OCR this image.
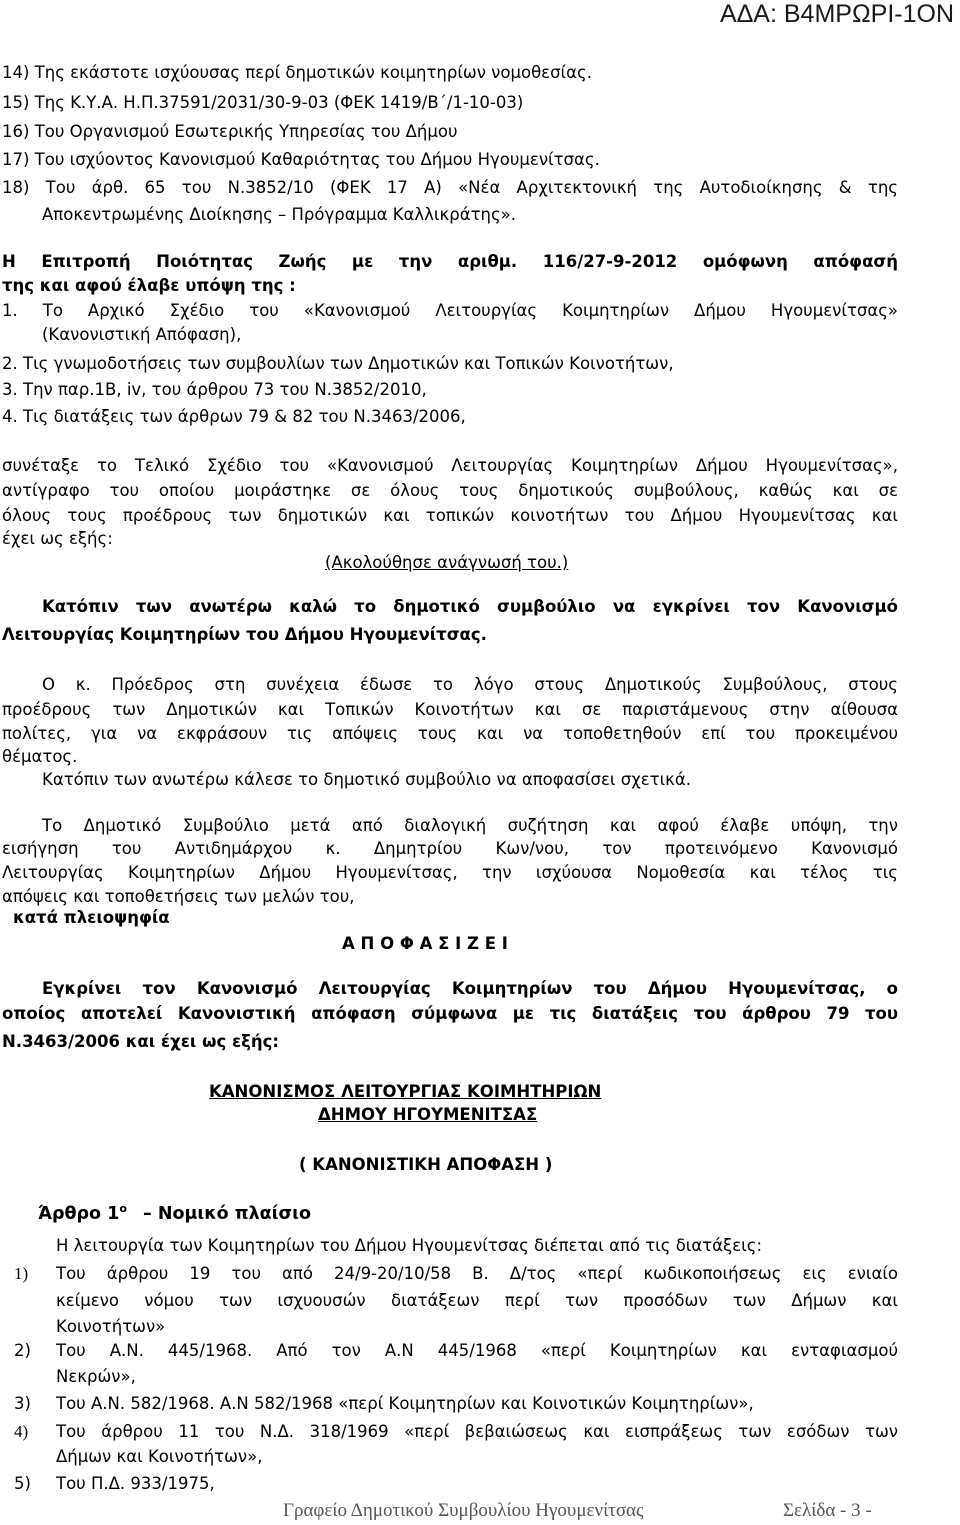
ΑΔΑ: Β4ΜΡΩΡΙ-1ΟΝ
14) Της εκάστοτε ισχύουσας περί δημοτικών κοιμητηρίων νομοθεσίας.
15) Της Κ.Υ.Α. Η.Π.37591/2031/30-9-03 (ΦΕΚ 1419/Β΄/1-10-03)
16) Του Οργανισμού Εσωτερικής Υπηρεσίας του Δήμου
17) Του ισχύοντος Κανονισμού Καθαριότητας του Δήμου Ηγουμενίτσας.
18) Του άρθ. 65 του Ν.3852/10 (ΦΕΚ 17 Α) «Νέα Αρχιτεκτονική της Αυτοδιοίκησης & της
Αποκεντρωμένης Διοίκησης – Πρόγραμμα Καλλικράτης».
Η Επιτροπή Ποιότητας Ζωής με την αριθμ. 116/27-9-2012 ομόφωνη απόφασή
της και αφού έλαβε υπόψη της :
1. Το Αρχικό Σχέδιο του «Κανονισμού Λειτουργίας Κοιμητηρίων Δήμου Ηγουμενίτσας»
(Κανονιστική Απόφαση),
2. Τις γνωμοδοτήσεις των συμβουλίων των Δημοτικών και Τοπικών Κοινοτήτων,
3. Την παρ.1Β, iv, του άρθρου 73 του Ν.3852/2010,
4. Τις διατάξεις των άρθρων 79 & 82 του Ν.3463/2006,
συνέταξε το Τελικό Σχέδιο του «Κανονισμού Λειτουργίας Κοιμητηρίων Δήμου Ηγουμενίτσας»,
αντίγραφο του οποίου μοιράστηκε σε όλους τους δημοτικούς συμβούλους, καθώς και σε
όλους τους προέδρους των δημοτικών και τοπικών κοινοτήτων του Δήμου Ηγουμενίτσας και
έχει ως εξής:
(Ακολούθησε ανάγνωσή του.)
Κατόπιν των ανωτέρω καλώ το δημοτικό συμβούλιο να εγκρίνει τον Κανονισμό
Λειτουργίας Κοιμητηρίων του Δήμου Ηγουμενίτσας.
Ο κ. Πρόεδρος στη συνέχεια έδωσε το λόγο στους Δημοτικούς Συμβούλους, στους
προέδρους των Δημοτικών και Τοπικών Κοινοτήτων και σε παριστάμενους στην αίθουσα
πολίτες, για να εκφράσουν τις απόψεις τους και να τοποθετηθούν επί του προκειμένου
θέματος.
Κατόπιν των ανωτέρω κάλεσε το δημοτικό συμβούλιο να αποφασίσει σχετικά.
Το Δημοτικό Συμβούλιο μετά από διαλογική συζήτηση και αφού έλαβε υπόψη, την
εισήγηση του Αντιδημάρχου κ. Δημητρίου Κων/νου, τον προτεινόμενο Κανονισμό
Λειτουργίας Κοιμητηρίων Δήμου Ηγουμενίτσας, την ισχύουσα Νομοθεσία και τέλος τις
απόψεις και τοποθετήσεις των μελών του,
κατά πλειοψηφία
Α Π Ο Φ Α Σ Ι Ζ Ε Ι
Εγκρίνει τον Κανονισμό Λειτουργίας Κοιμητηρίων του Δήμου Ηγουμενίτσας, ο
οποίος αποτελεί Κανονιστική απόφαση σύμφωνα με τις διατάξεις του άρθρου 79 του
Ν.3463/2006 και έχει ως εξής:
ΚΑΝΟΝΙΣΜΟΣ ΛΕΙΤΟΥΡΓΙΑΣ ΚΟΙΜΗΤΗΡΙΩΝ
ΔΗΜΟΥ ΗΓΟΥΜΕΝΙΤΣΑΣ
( ΚΑΝΟΝΙΣΤΙΚΗ ΑΠΟΦΑΣΗ )
Άρθρο $1^o$ – Νομικό πλαίσιο
Η λειτουργία των Κοιμητηρίων του Δήμου Ηγουμενίτσας διέπεται από τις διατάξεις:
1) Του άρθρου 19 του από 24/9-20/10/58 Β. Δ/τος «περί κωδικοποιήσεως εις ενιαίο
κείμενο νόμου των ισχυουσών διατάξεων περί των προσόδων των Δήμων και
Κοινοτήτων»
2) Του Α.Ν. 445/1968. Από τον Α.Ν 445/1968 «περί Κοιμητηρίων και ενταφιασμού
Νεκρών»,
3) Του Α.Ν. 582/1968. Α.Ν 582/1968 «περί Κοιμητηρίων και Κοινοτικών Κοιμητηρίων»,
4) Του άρθρου 11 του Ν.Δ. 318/1969 «περί βεβαιώσεως και εισπράξεως των εσόδων των
Δήμων και Κοινοτήτων»,
5) Του Π.Δ. 933/1975,
Γραφείο Δημοτικού Συμβουλίου Ηγουμενίτσας	Σελίδα - 3 -
